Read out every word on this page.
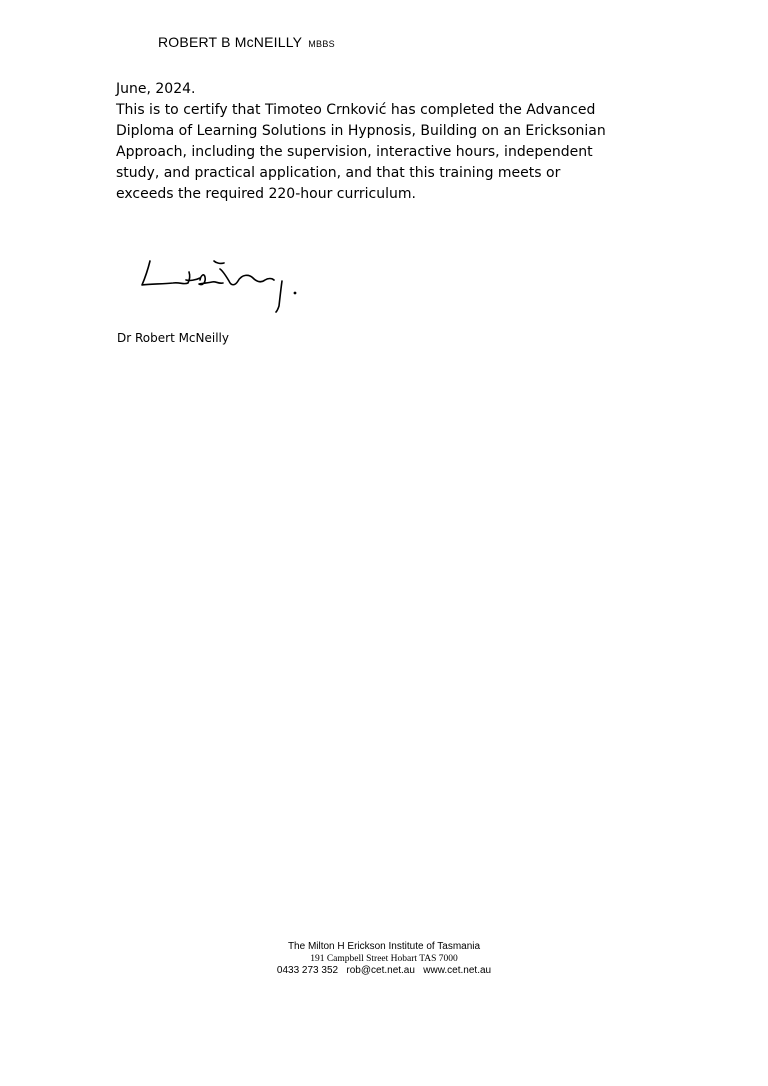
ROBERT B McNEILLY MBBS

June, 2024.

This is to certify that Timoteo Crnković has completed the Advanced

Diploma of Learning Solutions in Hypnosis, Building on an Ericksonian

Approach, including the supervision, interactive hours, independent

study, and practical application, and that this training meets or

exceeds the required 220-hour curriculum.

Dr Robert McNeilly
The Milton H Erickson Institute of Tasmania
191 Campbell Street Hobart TAS 7000
0433 273 352 rob@cet.net.au www.cet.net.au
